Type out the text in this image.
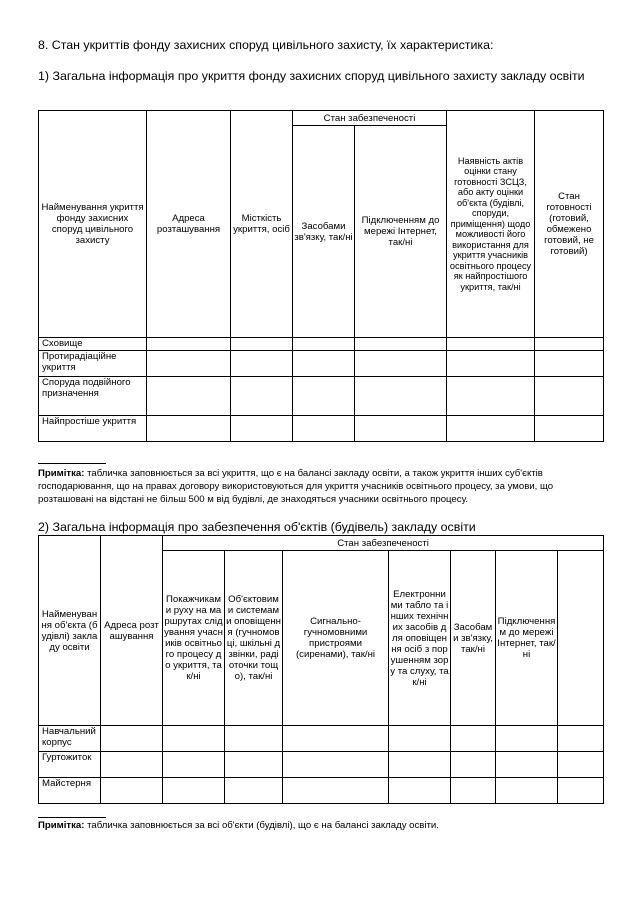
8. Стан укриттів фонду захисних споруд цивільного захисту, їх характеристика:

1) Загальна інформація про укриття фонду захисних споруд цивільного захисту закладу освіти

Найменування укриття фонду захисних споруд цивільного захисту	Адреса розташування	Місткість укриття, осіб	Стан забезпеченості		Наявність актів оцінки стану готовності ЗСЦЗ, або акту оцінки об'єкта (будівлі, споруди, приміщення) щодо можливості його використання для укриття учасників освітнього процесу як найпростішого укриття, так/ні	Стан готовності (готовий, обмежено готовий, не готовий)
			Засобами зв'язку, так/ні	Підключенням до мережі Інтернет, так/ні		
Сховище						
Протирадіаційне укриття						
Споруда подвійного призначення						
Найпростіше укриття						

Примітка: табличка заповнюється за всі укриття, що є на балансі закладу освіти, а також укриття інших суб'єктів господарювання, що на правах договору використовуються для укриття учасників освітнього процесу, за умови, що розташовані на відстані не більш 500 м від будівлі, де знаходяться учасники освітнього процесу.

2) Загальна інформація про забезпечення об'єктів (будівель) закладу освіти

Найменування об'єкта (будівлі) закладу освіти	Адреса розташування	Стан забезпеченості	
		Покажчиками руху на маршрутах слідування учасників освітнього процесу до укриття, так/ні	Об'єктовими системами оповіщення (гучномовці, шкільні дзвінки, радіоточки тощо), так/ні	Сигнально-гучномовними пристроями (сиренами), так/ні	Електронними табло та інших технічних засобів для оповіщення осіб з порушенням зору та слуху, так/ні	Засобами зв'язку, так/ні	Підключенням до мережі Інтернет, так/ні		
Навчальний корпус									
Гуртожиток									
Майстерня									

Примітка: табличка заповнюється за всі об'єкти (будівлі), що є на балансі закладу освіти.
